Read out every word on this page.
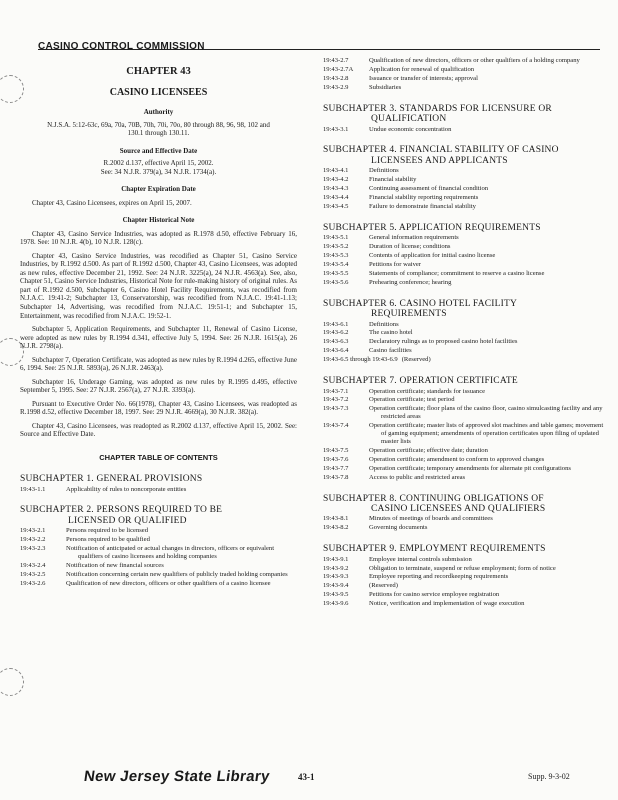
CASINO CONTROL COMMISSION
CHAPTER 43
CASINO LICENSEES
Authority
N.J.S.A. 5:12-63c, 69a, 70a, 70B, 70h, 70i, 70o, 80 through 88, 96, 98, 102 and 130.1 through 130.11.
Source and Effective Date
R.2002 d.137, effective April 15, 2002.
See: 34 N.J.R. 379(a), 34 N.J.R. 1734(a).
Chapter Expiration Date
Chapter 43, Casino Licensees, expires on April 15, 2007.
Chapter Historical Note
Chapter 43, Casino Service Industries, was adopted as R.1978 d.50, effective February 16, 1978. See: 10 N.J.R. 4(b), 10 N.J.R. 128(c).
Chapter 43, Casino Service Industries, was recodified as Chapter 51, Casino Service Industries, by R.1992 d.500. As part of R.1992 d.500, Chapter 43, Casino Licensees, was adopted as new rules, effective December 21, 1992. See: 24 N.J.R. 3225(a), 24 N.J.R. 4563(a). See, also, Chapter 51, Casino Service Industries, Historical Note for rule-making history of original rules. As part of R.1992 d.500, Subchapter 6, Casino Hotel Facility Requirements, was recodified from N.J.A.C. 19:41-2; Subchapter 13, Conservatorship, was recodified from N.J.A.C. 19:41-1.13; Subchapter 14, Advertising, was recodified from N.J.A.C. 19:51-1; and Subchapter 15, Entertainment, was recodified from N.J.A.C. 19:52-1.
Subchapter 5, Application Requirements, and Subchapter 11, Renewal of Casino License, were adopted as new rules by R.1994 d.341, effective July 5, 1994. See: 26 N.J.R. 1615(a), 26 N.J.R. 2798(a).
Subchapter 7, Operation Certificate, was adopted as new rules by R.1994 d.265, effective June 6, 1994. See: 25 N.J.R. 5893(a), 26 N.J.R. 2463(a).
Subchapter 16, Underage Gaming, was adopted as new rules by R.1995 d.495, effective September 5, 1995. See: 27 N.J.R. 2567(a), 27 N.J.R. 3393(a).
Pursuant to Executive Order No. 66(1978), Chapter 43, Casino Licensees, was readopted as R.1998 d.52, effective December 18, 1997. See: 29 N.J.R. 4669(a), 30 N.J.R. 382(a).
Chapter 43, Casino Licensees, was readopted as R.2002 d.137, effective April 15, 2002. See: Source and Effective Date.
CHAPTER TABLE OF CONTENTS
SUBCHAPTER 1. GENERAL PROVISIONS
19:43-1.1	Applicability of rules to noncorporate entities
SUBCHAPTER 2. PERSONS REQUIRED TO BE
LICENSED OR QUALIFIED
19:43-2.1	Persons required to be licensed
19:43-2.2	Persons required to be qualified
19:43-2.3	Notification of anticipated or actual changes in directors, officers or equivalent qualifiers of casino licensees and holding companies
19:43-2.4	Notification of new financial sources
19:43-2.5	Notification concerning certain new qualifiers of publicly traded holding companies
19:43-2.6	Qualification of new directors, officers or other qualifiers of a casino licensee
19:43-2.7	Qualification of new directors, officers or other qualifiers of a holding company
19:43-2.7A	Application for renewal of qualification
19:43-2.8	Issuance or transfer of interests; approval
19:43-2.9	Subsidiaries
SUBCHAPTER 3. STANDARDS FOR LICENSURE OR
QUALIFICATION
19:43-3.1	Undue economic concentration
SUBCHAPTER 4. FINANCIAL STABILITY OF CASINO
LICENSEES AND APPLICANTS
19:43-4.1	Definitions
19:43-4.2	Financial stability
19:43-4.3	Continuing assessment of financial condition
19:43-4.4	Financial stability reporting requirements
19:43-4.5	Failure to demonstrate financial stability
SUBCHAPTER 5. APPLICATION REQUIREMENTS
19:43-5.1	General information requirements
19:43-5.2	Duration of license; conditions
19:43-5.3	Contents of application for initial casino license
19:43-5.4	Petitions for waiver
19:43-5.5	Statements of compliance; commitment to reserve a casino license
19:43-5.6	Prehearing conference; hearing
SUBCHAPTER 6. CASINO HOTEL FACILITY
REQUIREMENTS
19:43-6.1	Definitions
19:43-6.2	The casino hotel
19:43-6.3	Declaratory rulings as to proposed casino hotel facilities
19:43-6.4	Casino facilities
19:43-6.5 through 19:43-6.9 (Reserved)
SUBCHAPTER 7. OPERATION CERTIFICATE
19:43-7.1	Operation certificate; standards for issuance
19:43-7.2	Operation certificate; test period
19:43-7.3	Operation certificate; floor plans of the casino floor, casino simulcasting facility and any restricted areas
19:43-7.4	Operation certificate; master lists of approved slot machines and table games; movement of gaming equipment; amendments of operation certificates upon filing of updated master lists
19:43-7.5	Operation certificate; effective date; duration
19:43-7.6	Operation certificate; amendment to conform to approved changes
19:43-7.7	Operation certificate; temporary amendments for alternate pit configurations
19:43-7.8	Access to public and restricted areas
SUBCHAPTER 8. CONTINUING OBLIGATIONS OF
CASINO LICENSEES AND QUALIFIERS
19:43-8.1	Minutes of meetings of boards and committees
19:43-8.2	Governing documents
SUBCHAPTER 9. EMPLOYMENT REQUIREMENTS
19:43-9.1	Employee internal controls submission
19:43-9.2	Obligation to terminate, suspend or refuse employment; form of notice
19:43-9.3	Employee reporting and recordkeeping requirements
19:43-9.4	(Reserved)
19:43-9.5	Petitions for casino service employee registration
19:43-9.6	Notice, verification and implementation of wage execution
New Jersey State Library	43-1	Supp. 9-3-02
